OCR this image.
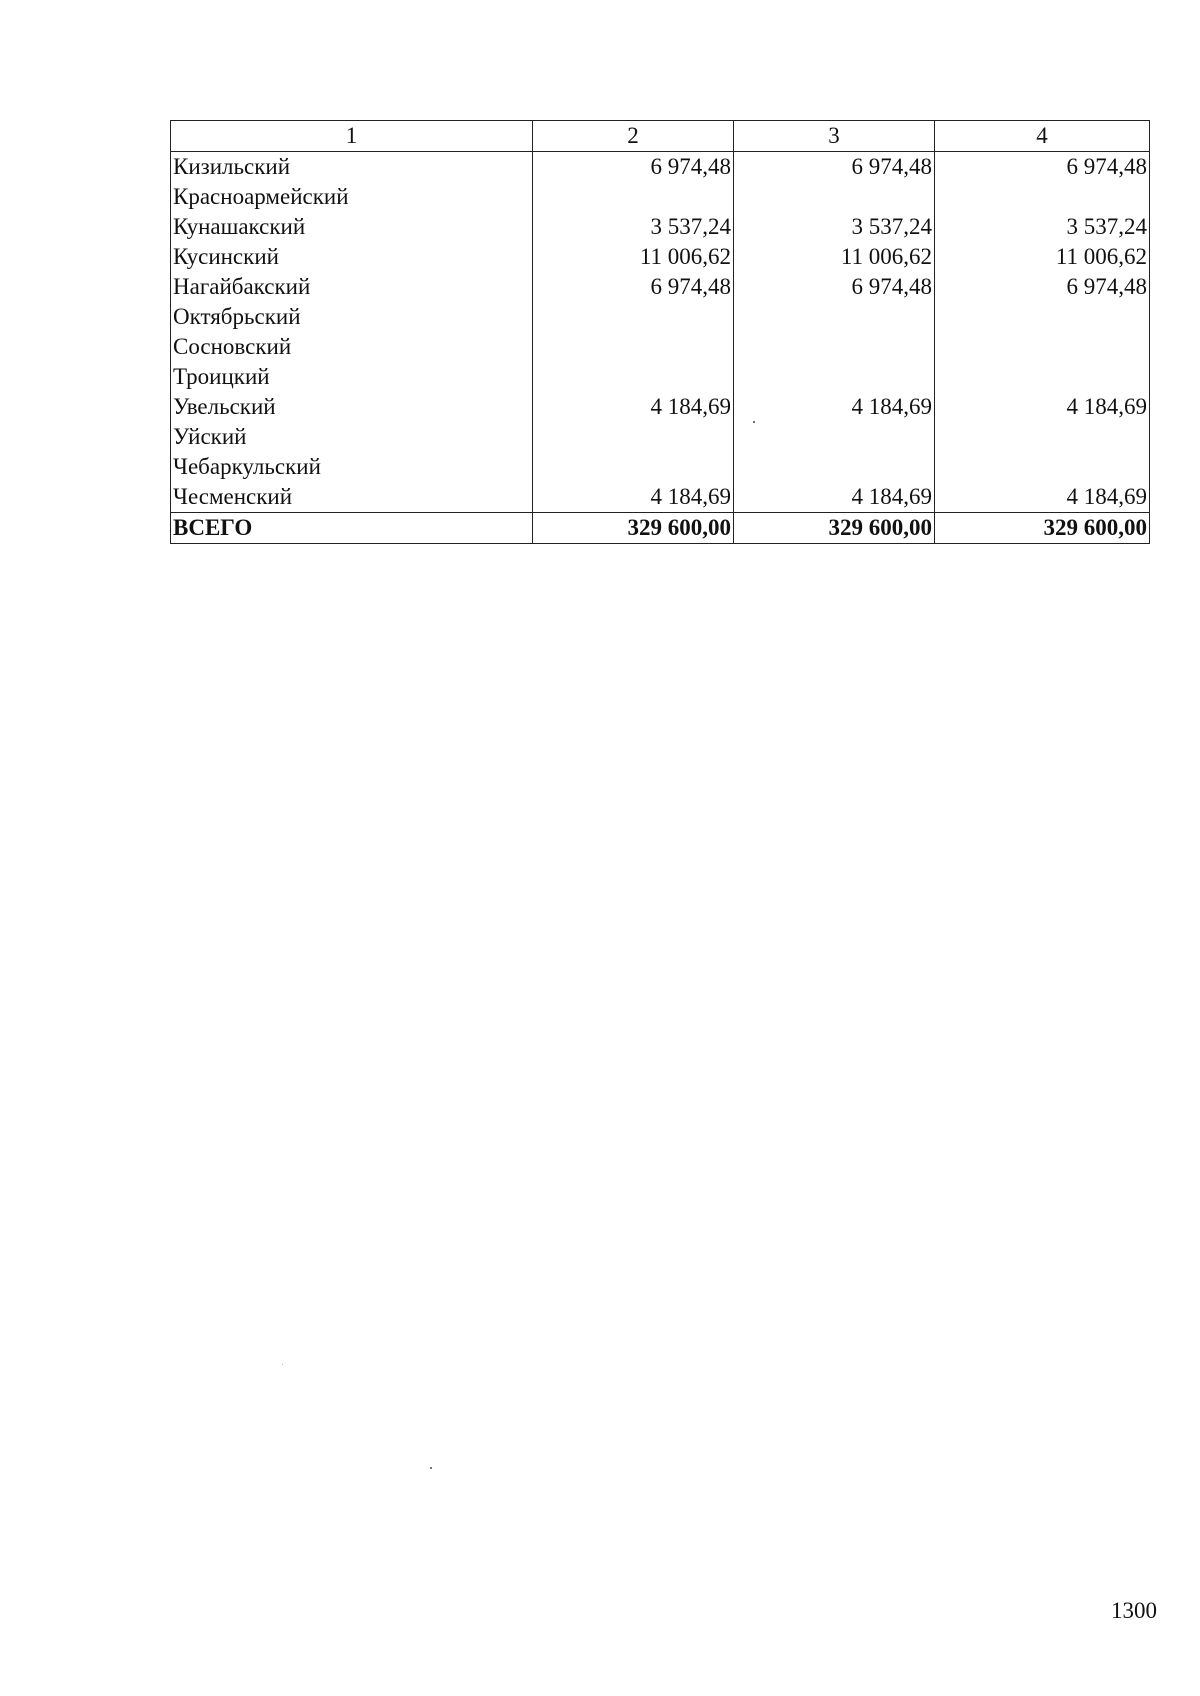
1	2	3	4
Кизильский	6 974,48	6 974,48	6 974,48
Красноармейский			
Кунашакский	3 537,24	3 537,24	3 537,24
Кусинский	11 006,62	11 006,62	11 006,62
Нагайбакский	6 974,48	6 974,48	6 974,48
Октябрьский			
Сосновский			
Троицкий			
Увельский	4 184,69	4 184,69	4 184,69
Уйский			
Чебаркульский			
Чесменский	4 184,69	4 184,69	4 184,69
ВСЕГО	329 600,00	329 600,00	329 600,00
1300
